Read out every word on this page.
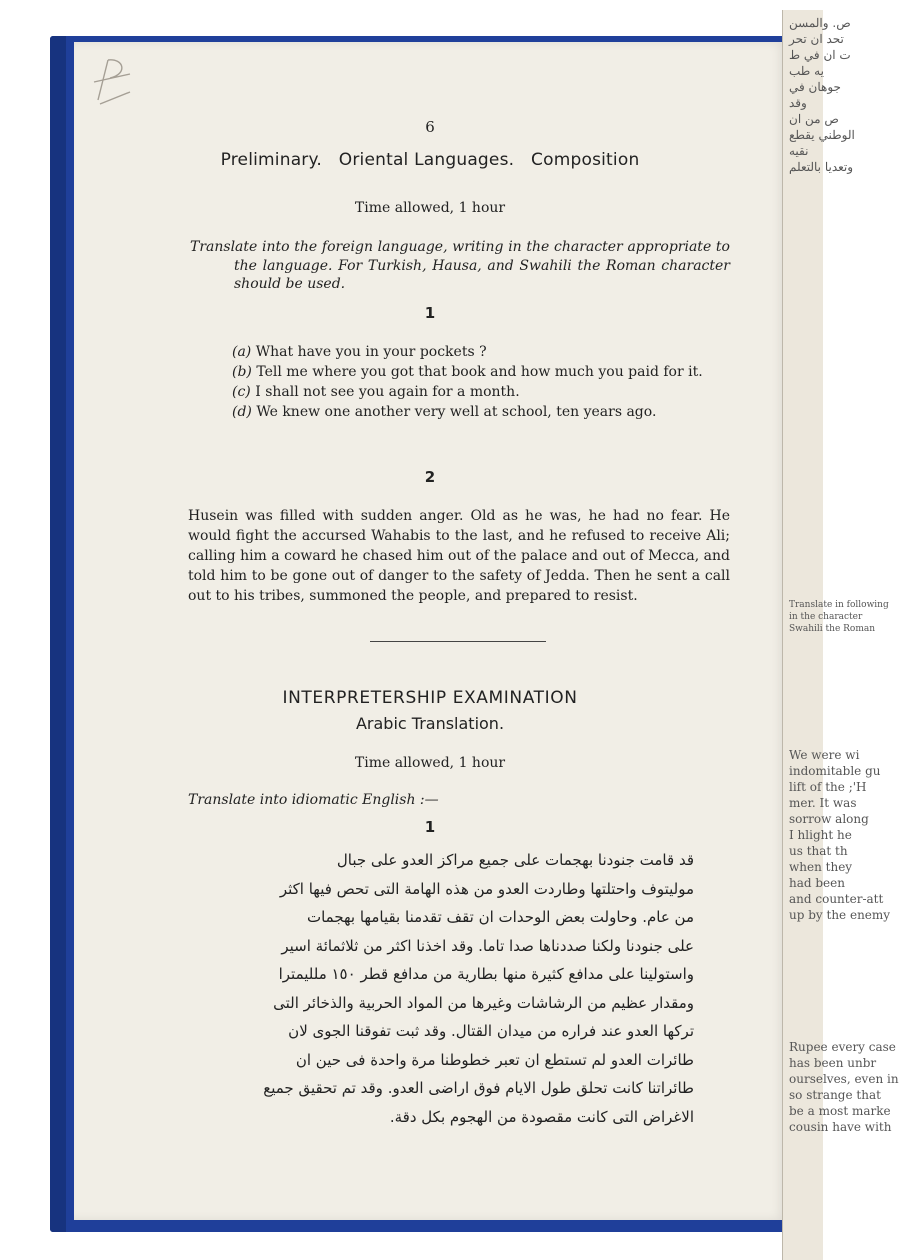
ص. والمسن
تحد ان تحر
ت ان في ط
يه طب
جوهان في
وقد
ص من ان
الوطني يقطع
نقيه
وتعديا بالتعلم
Translate in following
in the character
Swahili the Roman
We were wi
indomitable gu
lift of the ;'H
mer. It was
sorrow along
I hlight he
us that th
when they
had been
and counter-att
up by the enemy
Rupee every case
has been unbr
ourselves, even in
so strange that
be a most marke
cousin have with
6
Preliminary.   Oriental Languages.   Composition
Time allowed, 1 hour
Translate into the foreign language, writing in the character appropriate to the language. For Turkish, Hausa, and Swahili the Roman character should be used.
1
(a) What have you in your pockets ?
(b) Tell me where you got that book and how much you paid for it.
(c) I shall not see you again for a month.
(d) We knew one another very well at school, ten years ago.
2
Husein was filled with sudden anger. Old as he was, he had no fear. He would fight the accursed Wahabis to the last, and he refused to receive Ali; calling him a coward he chased him out of the palace and out of Mecca, and told him to be gone out of danger to the safety of Jedda. Then he sent a call out to his tribes, summoned the people, and prepared to resist.
INTERPRETERSHIP EXAMINATION
Arabic Translation.
Time allowed, 1 hour
Translate into idiomatic English :—
1
قد قامت جنودنا بهجمات على جميع مراكز العدو على جبال
موليتوف واحتلتها وطاردت العدو من هذه الهامة التى تحص فيها اكثر
من عام. وحاولت بعض الوحدات ان تقف تقدمنا بقيامها بهجمات
على جنودنا ولكنا صددناها صدا تاما. وقد اخذنا اكثر من ثلاثمائة اسير
واستولينا على مدافع كثيرة منها بطارية من مدافع قطر ١٥٠ ملليمترا
ومقدار عظيم من الرشاشات وغيرها من المواد الحربية والذخائر التى
تركها العدو عند فراره من ميدان القتال. وقد ثبت تفوقنا الجوى لان
طائرات العدو لم تستطع ان تعبر خطوطنا مرة واحدة فى حين ان
طائراتنا كانت تحلق طول الايام فوق اراضى العدو. وقد تم تحقيق جميع
الاغراض التى كانت مقصودة من الهجوم بكل دقة.
